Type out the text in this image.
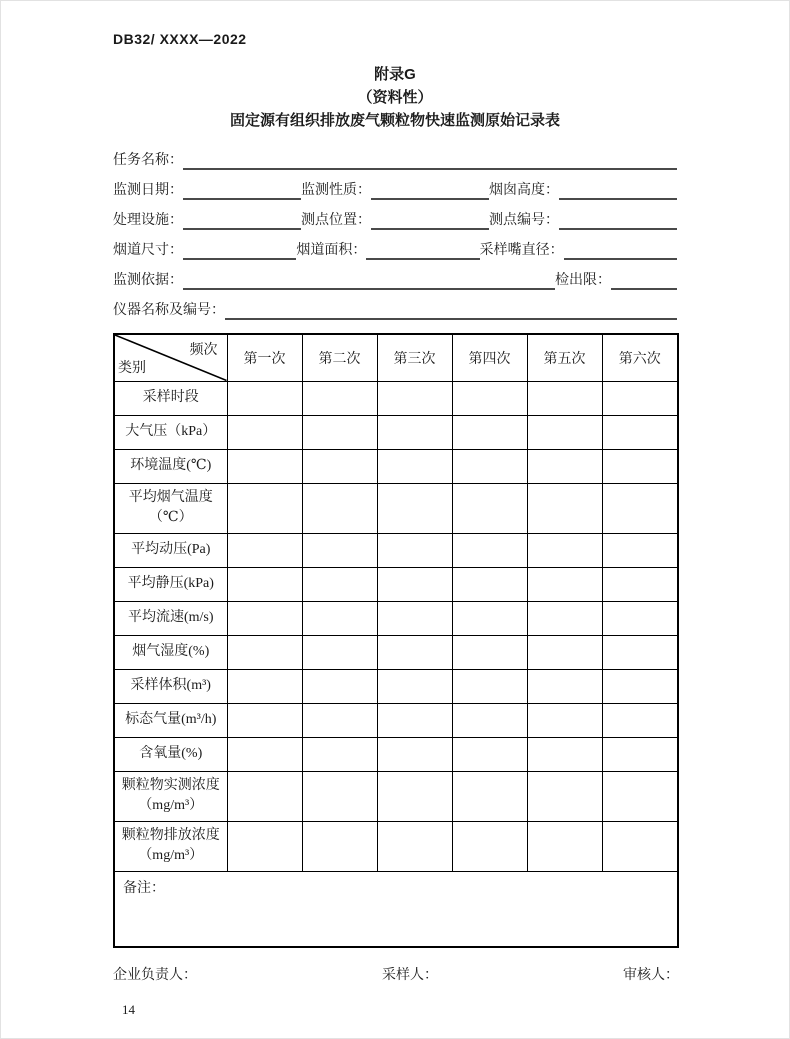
DB32/ XXXX—2022
附录G
（资料性）
固定源有组织排放废气颗粒物快速监测原始记录表
任务名称：
监测日期：	监测性质：	烟囱高度：
处理设施：	测点位置：	测点编号：
烟道尺寸：	烟道面积：	采样嘴直径：
监测依据：	检出限：
仪器名称及编号：
频次
类别	第一次	第二次	第三次	第四次	第五次	第六次

采样时段						

大气压（kPa）						

环境温度(℃)						

平均烟气温度
（℃）						

平均动压(Pa)						

平均静压(kPa)						

平均流速(m/s)						

烟气湿度(%)						

采样体积(m³)						

标态气量(m³/h)						

含氧量(%)						

颗粒物实测浓度
（mg/m³）						

颗粒物排放浓度
（mg/m³）						

备注：						
企业负责人：	采样人：	审核人：
14
